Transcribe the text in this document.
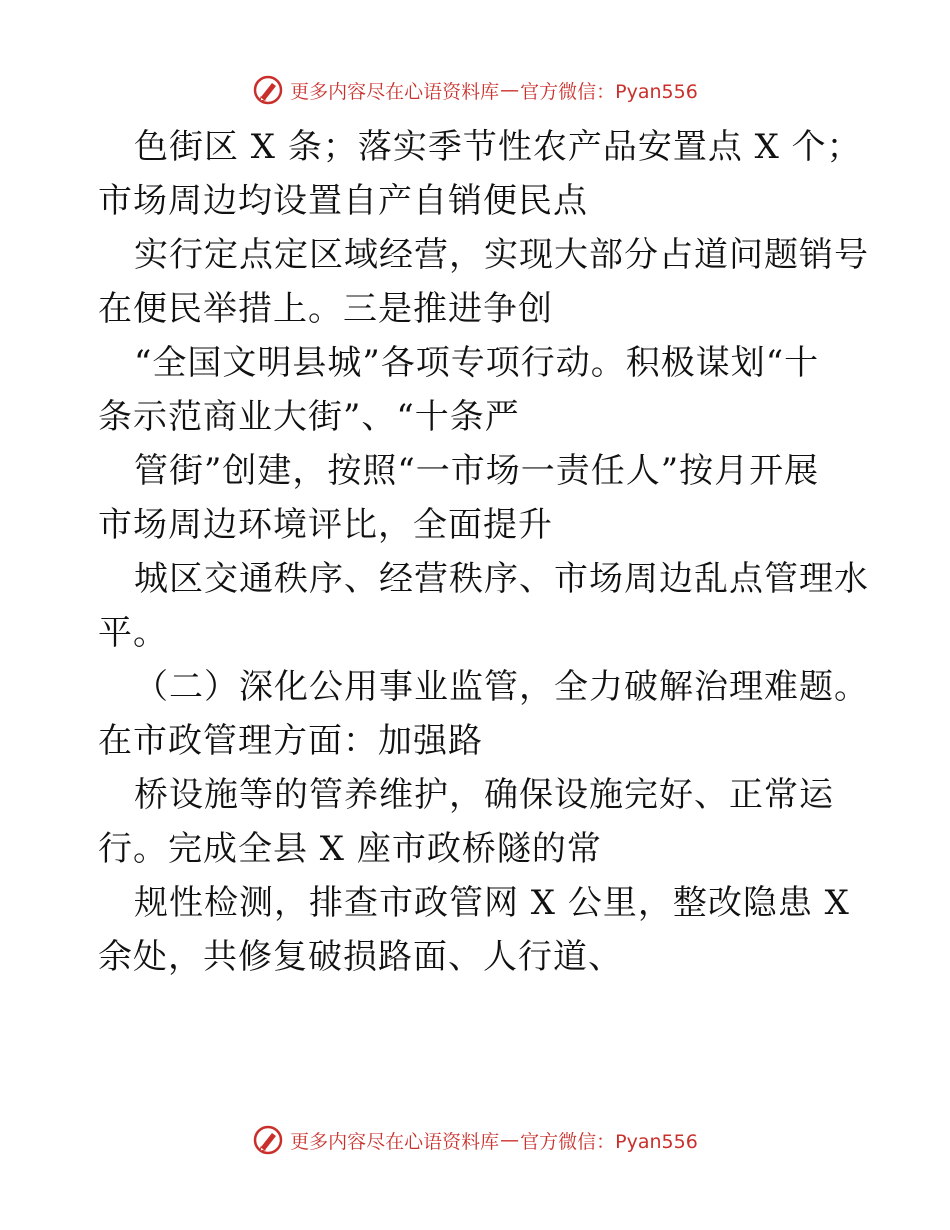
更多内容尽在心语资料库 — 官方微信：Pyan556

色街区 X 条；落实季节性农产品安置点 X 个；
市场周边均设置自产自销便民点

实行定点定区域经营，实现大部分占道问题销号
在便民举措上。三是推进争创

“全国文明县城”各项专项行动。积极谋划“十
条示范商业大街”、“十条严

管街”创建，按照“一市场一责任人”按月开展
市场周边环境评比，全面提升

城区交通秩序、经营秩序、市场周边乱点管理水
平。

（二）深化公用事业监管，全力破解治理难题。
在市政管理方面：加强路

桥设施等的管养维护，确保设施完好、正常运
行。完成全县 X 座市政桥隧的常

规性检测，排查市政管网 X 公里，整改隐患 X
余处，共修复破损路面、人行道、

更多内容尽在心语资料库 — 官方微信：Pyan556
